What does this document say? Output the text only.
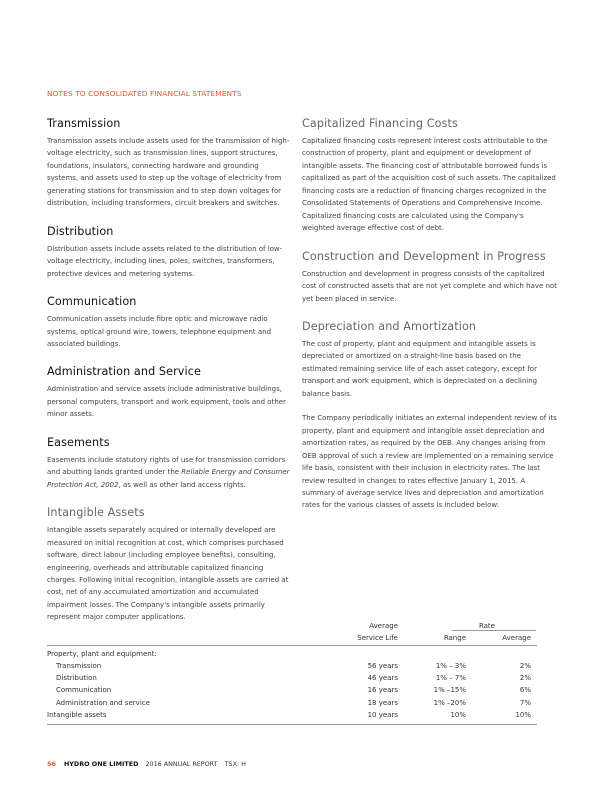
NOTES TO CONSOLIDATED FINANCIAL STATEMENTS
Transmission

Transmission assets include assets used for the transmission of high-voltage electricity, such as transmission lines, support structures, foundations, insulators, connecting hardware and grounding systems, and assets used to step up the voltage of electricity from generating stations for transmission and to step down voltages for distribution, including transformers, circuit breakers and switches.

Distribution

Distribution assets include assets related to the distribution of low-voltage electricity, including lines, poles, switches, transformers, protective devices and metering systems.

Communication

Communication assets include fibre optic and microwave radio systems, optical ground wire, towers, telephone equipment and associated buildings.

Administration and Service

Administration and service assets include administrative buildings, personal computers, transport and work equipment, tools and other minor assets.

Easements

Easements include statutory rights of use for transmission corridors and abutting lands granted under the Reliable Energy and Consumer Protection Act, 2002, as well as other land access rights.

Intangible Assets

Intangible assets separately acquired or internally developed are measured on initial recognition at cost, which comprises purchased software, direct labour (including employee benefits), consulting, engineering, overheads and attributable capitalized financing charges. Following initial recognition, intangible assets are carried at cost, net of any accumulated amortization and accumulated impairment losses. The Company's intangible assets primarily represent major computer applications.

Capitalized Financing Costs

Capitalized financing costs represent interest costs attributable to the construction of property, plant and equipment or development of intangible assets. The financing cost of attributable borrowed funds is capitalized as part of the acquisition cost of such assets. The capitalized financing costs are a reduction of financing charges recognized in the Consolidated Statements of Operations and Comprehensive Income. Capitalized financing costs are calculated using the Company's weighted average effective cost of debt.

Construction and Development in Progress

Construction and development in progress consists of the capitalized cost of constructed assets that are not yet complete and which have not yet been placed in service.

Depreciation and Amortization

The cost of property, plant and equipment and intangible assets is depreciated or amortized on a straight-line basis based on the estimated remaining service life of each asset category, except for transport and work equipment, which is depreciated on a declining balance basis.

The Company periodically initiates an external independent review of its property, plant and equipment and intangible asset depreciation and amortization rates, as required by the OEB. Any changes arising from OEB approval of such a review are implemented on a remaining service life basis, consistent with their inclusion in electricity rates. The last review resulted in changes to rates effective January 1, 2015. A summary of average service lives and depreciation and amortization rates for the various classes of assets is included below:

Average	Rate
Service Life	Range	Average
Property, plant and equipment:
Transmission	56 years	1% – 3%	2%
Distribution	46 years	1% – 7%	2%
Communication	16 years	1% –15%	6%
Administration and service	18 years	1% –20%	7%
Intangible assets	10 years	10%	10%
56 HYDRO ONE LIMITED 2016 ANNUAL REPORT TSX: H
